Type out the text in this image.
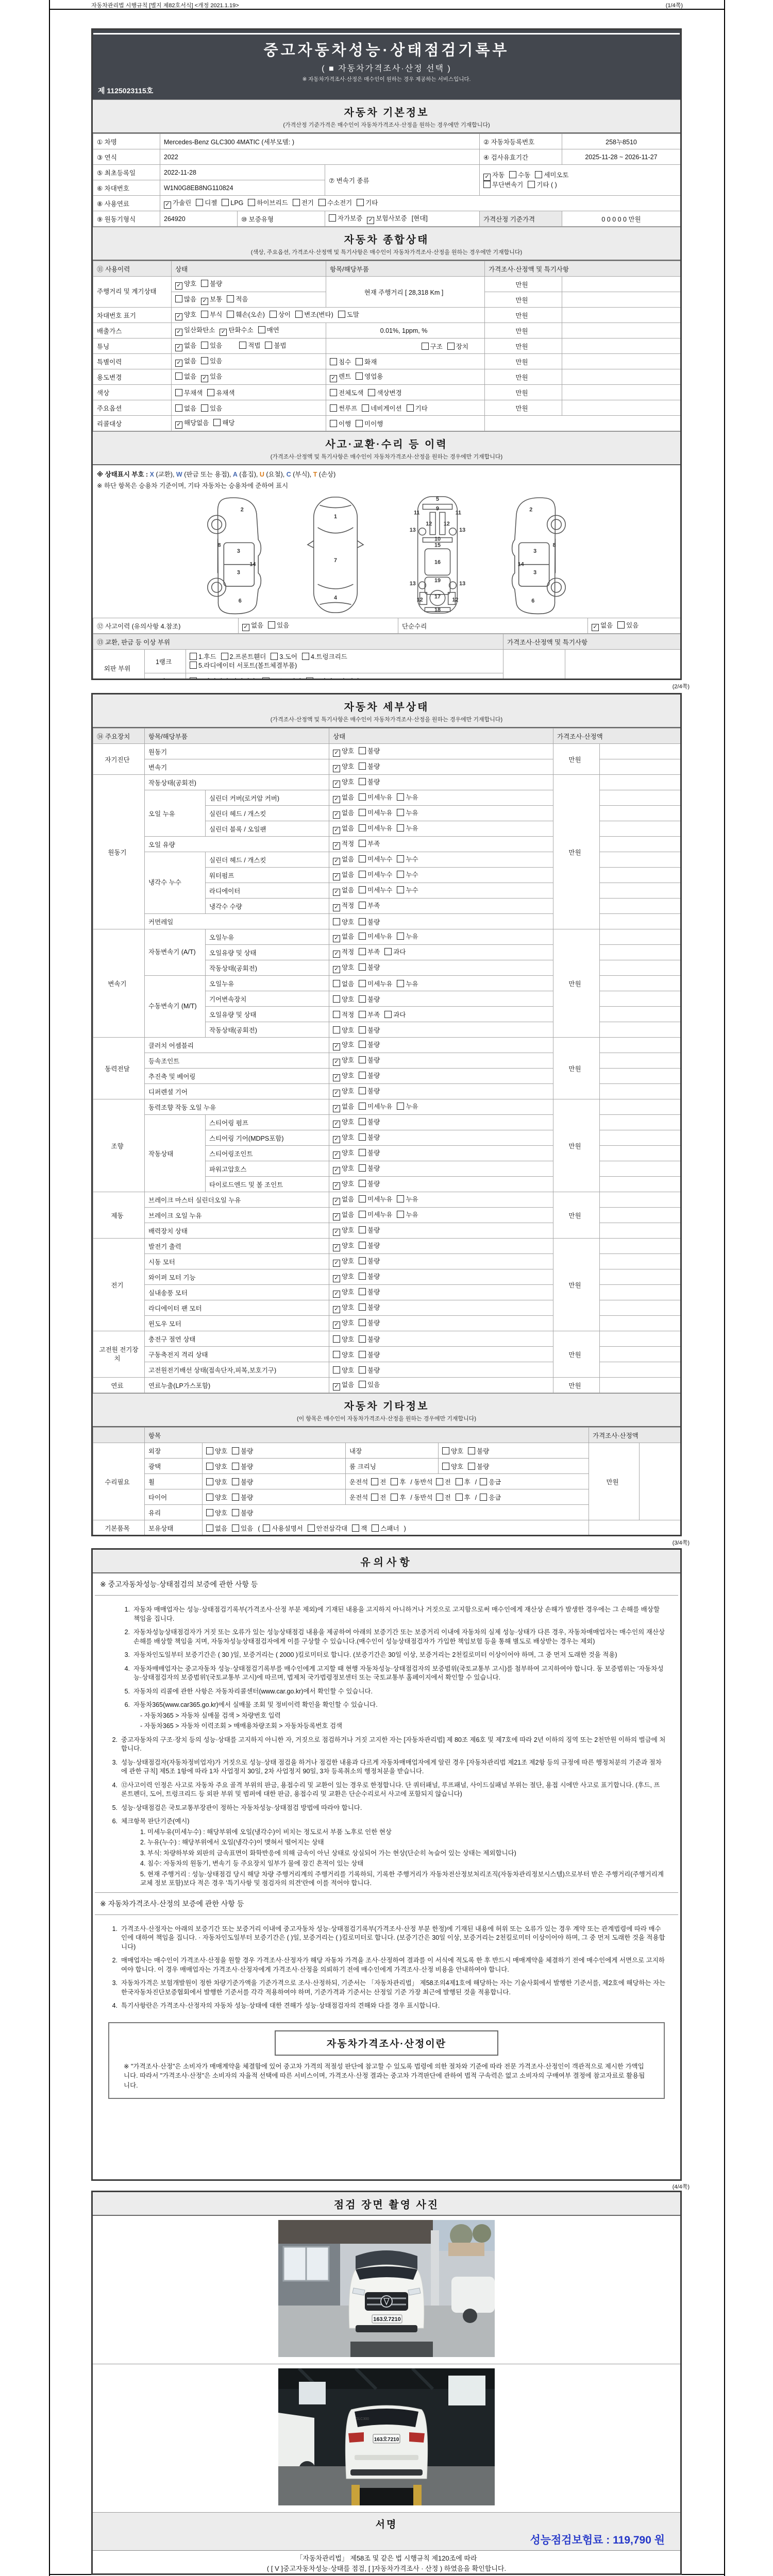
자동차관리법 시행규칙 [별지 제82호서식] <개정 2021.1.19>	(1/4쪽)
중고자동차성능·상태점검기록부
( ■ 자동차가격조사·산정 선택 )
※ 자동차가격조사·산정은 매수인이 원하는 경우 제공하는 서비스입니다.
제 1125023115호
자동차 기본정보
(가격산정 기준가격은 매수인이 자동차가격조사·산정을 원하는 경우에만 기재합니다)
① 차명	Mercedes-Benz GLC300 4MATIC (세부모델: )			② 자동차등록번호	258누8510
③ 연식	2022			④ 검사유효기간	2025-11-28 ~ 2026-11-27
⑤ 최초등록일	2022-11-28		⑦ 변속기 종류	✓ 자동 수동 세미오토
무단변속기 기타 ( )	
⑥ 차대번호	W1N0G8EB8NG110824				
⑧ 사용연료	✓ 가솔린 디젤 LPG 하이브리드 전기 수소전기 기타				
⑨ 원동기형식	264920	⑩ 보증유형	자가보증 ✓ 보험사보증 [현대]	가격산정 기준가격	0 0 0 0 0 만원
자동차 종합상태
(색상, 주요옵션, 가격조사·산정액 및 특기사항은 매수인이 자동차가격조사·산정을 원하는 경우에만 기재합니다)
⑪ 사용이력	상태	항목/해당부품	가격조사·산정액 및 특기사항	
주행거리 및 계기상태	✓ 양호 불량	현재 주행거리 [ 28,318 Km ]	만원	
	많음 ✓ 보통 적음		만원	
차대번호 표기	✓ 양호 부식 훼손(오손) 상이 변조(변타) 도말		만원	
배출가스	✓ 일산화탄소 ✓ 탄화수소 매연	0.01%, 1ppm, %	만원	
튜닝	✓ 없음 있음 적법 불법	구조 장치	만원	
특별이력	✓ 없음 있음	침수 화재	만원	
용도변경	없음 ✓ 있음	✓ 렌트 영업용	만원	
색상	무채색 유채색	전체도색 색상변경	만원	
주요옵션	없음 있음	썬루프 네비게이션 기타	만원	
리콜대상	✓ 해당없음 해당	이행 미이행		
사고·교환·수리 등 이력
(가격조사·산정액 및 특기사항은 매수인이 자동차가격조사·산정을 원하는 경우에만 기재합니다)
※ 상태표시 부호 : X (교환), W (판금 또는 용접), A (흠집), U (요철), C (부식), T (손상)
※ 하단 항목은 승용차 기준이며, 기타 자동차는 승용차에 준하여 표시
2
8
3
14
3
6
1
7
4
5
9
11	11
13	13
12 12
10
15
16
13	13
19
12	12
17
18
2
8
3
14
3
6
⑫ 사고이력 (유의사항 4.참조)	✓ 없음 있음	단순수리	✓ 없음 있음
⑬ 교환, 판금 등 이상 부위			가격조사·산정액 및 특기사항	
외판 부위	1랭크	1.후드 2.프론트휀더 3.도어 4.트렁크리드
5.라디에이터 서포트(볼트체결부품)		

(2/4쪽)
자동차 세부상태
(가격조사·산정액 및 특기사항은 매수인이 자동차가격조사·산정을 원하는 경우에만 기재합니다)
⑭ 주요장치	항목/해당부품		상태	가격조사·산정액	
자기진단	원동기		✓ 양호 불량	만원	
	변속기		✓ 양호 불량		
원동기	작동상태(공회전)		✓ 양호 불량	만원	
	오일 누유	실린더 커버(로커암 커버)	✓ 없음 미세누유 누유		
		실린더 헤드 / 개스킷	✓ 없음 미세누유 누유		
		실린더 블록 / 오일팬	✓ 없음 미세누유 누유		
	오일 유량		✓ 적정 부족		
	냉각수 누수	실린더 헤드 / 개스킷	✓ 없음 미세누수 누수		
		워터펌프	✓ 없음 미세누수 누수		
		라디에이터	✓ 없음 미세누수 누수		
		냉각수 수량	✓ 적정 부족		
	커먼레일		양호 불량		
변속기	자동변속기 (A/T)	오일누유	✓ 없음 미세누유 누유	만원	
		오일유량 및 상태	✓ 적정 부족 과다		
		작동상태(공회전)	✓ 양호 불량		
	수동변속기 (M/T)	오일누유	없음 미세누유 누유		
		기어변속장치	양호 불량		
		오일유량 및 상태	적정 부족 과다		
		작동상태(공회전)	양호 불량		
동력전달	클러치 어셈블리		✓ 양호 불량	만원	
	등속조인트		✓ 양호 불량		
	추진축 및 베어링		✓ 양호 불량		
	디퍼렌셜 기어		✓ 양호 불량		
조향	동력조향 작동 오일 누유		✓ 없음 미세누유 누유	만원	
	작동상태	스티어링 펌프	✓ 양호 불량		
		스티어링 기어(MDPS포함)	✓ 양호 불량		
		스티어링조인트	✓ 양호 불량		
		파워고압호스	✓ 양호 불량		
		타이로드엔드 및 볼 조인트	✓ 양호 불량		
제동	브레이크 마스터 실린더오일 누유		✓ 없음 미세누유 누유	만원	
	브레이크 오일 누유		✓ 없음 미세누유 누유		
	배력장치 상태		✓ 양호 불량		
전기	발전기 출력		✓ 양호 불량	만원	
	시동 모터		✓ 양호 불량		
	와이퍼 모터 기능		✓ 양호 불량		
	실내송풍 모터		✓ 양호 불량		
	라디에이터 팬 모터		✓ 양호 불량		
	윈도우 모터		✓ 양호 불량		
고전원 전기장치	충전구 절연 상태		양호 불량	만원	
	구동축전지 격리 상태		양호 불량		
	고전원전기배선 상태(접속단자,피복,보호기구)		양호 불량		
연료	연료누출(LP가스포함)		✓ 없음 있음	만원	
자동차 기타정보
(이 항목은 매수인이 자동차가격조사·산정을 원하는 경우에만 기재합니다)
	항목				가격조사·산정액	
수리필요	외장	양호 불량	내장	양호 불량	만원	
	광택	양호 불량	룸 크리닝	양호 불량		
	휠	양호 불량	운전석 전 후 / 동반석 전 후 / 응급			
	타이어	양호 불량	운전석 전 후 / 동반석 전 후 / 응급			
	유리	양호 불량				
기본품목	보유상태	없음 있음 ( 사용설명서 안전삼각대 잭 스패너 )				

(3/4쪽)
유의사항
※ 중고자동차성능·상태점검의 보증에 관한 사항 등
1. 자동차 매매업자는 성능·상태점검기록부(가격조사·산정 부분 제외)에 기재된 내용을 고지하지 아니하거나 거짓으로 고지함으로써 매수인에게 재산상 손해가 발생한 경우에는 그 손해를 배상할 책임을 집니다.
2. 자동차성능상태점검자가 거짓 또는 오류가 있는 성능상태점검 내용을 제공하여 아래의 보증기간 또는 보증거리 이내에 자동차의 실제 성능·상태가 다른 경우, 자동차매매업자는 매수인의 재산상 손해를 배상할 책임을 지며, 자동차성능상태점검자에게 이를 구상할 수 있습니다.(매수인이 성능상태점검자가 가입한 책임보험 등을 통해 별도로 배상받는 경우는 제외)
3. 자동차인도일부터 보증기간은 ( 30 )일, 보증거리는 ( 2000 )킬로미터로 합니다. (보증기간은 30일 이상, 보증거리는 2천킬로미터 이상이어야 하며, 그 중 먼저 도래한 것을 적용)
4. 자동차매매업자는 중고자동차 성능·상태점검기록부를 매수인에게 고지할 때 현행 자동차성능·상태점검자의 보증범위(국토교통부 고시)를 첨부하여 고지하여야 합니다. 동 보증범위는 '자동차성능·상태점검자의 보증범위'(국토교통부 고시)에 따르며, 법제처 국가법령정보센터 또는 국토교통부 홈페이지에서 확인할 수 있습니다.
5. 자동차의 리콜에 관한 사항은 자동차리콜센터(www.car.go.kr)에서 확인할 수 있습니다.
6. 자동차365(www.car365.go.kr)에서 실매물 조회 및 정비이력 확인을 확인할 수 있습니다.
- 자동차365 > 자동차 실매물 검색 > 차량번호 입력
- 자동차365 > 자동차 이력조회 > 매매용차량조회 > 자동차등록번호 검색
2. 중고자동차의 구조·장치 등의 성능·상태를 고지하지 아니한 자, 거짓으로 점검하거나 거짓 고지한 자는 [자동차관리법] 제 80조 제6호 및 제7호에 따라 2년 이하의 징역 또는 2천만원 이하의 벌금에 처합니다.
3. 성능·상태점검자(자동차정비업자)가 거짓으로 성능·상태 점검을 하거나 점검한 내용과 다르게 자동차매매업자에게 알린 경우 [자동차관리법 제21조 제2항 등의 규정에 따른 행정처분의 기준과 절차에 관한 규칙] 제5조 1항에 따라 1차 사업정지 30일, 2차 사업정지 90일, 3차 등록취소의 행정처분을 받습니다.
4. ⑫사고이력 인정은 사고로 자동차 주요 골격 부위의 판금, 용접수리 및 교환이 있는 경우로 한정합니다. 단 쿼터패널, 루프패널, 사이드실패널 부위는 절단, 용접 시에만 사고로 표기합니다. (후드, 프론트펜더, 도어, 트렁크리드 등 외판 부위 및 범퍼에 대한 판금, 용접수리 및 교환은 단순수리로서 사고에 포함되지 않습니다)
5. 성능·상태점검은 국토교통부장관이 정하는 자동차성능·상태점검 방법에 따라야 합니다.
6. 체크항목 판단기준(예시)
1. 미세누유(미세누수) : 해당부위에 오일(냉각수)이 비치는 정도로서 부품 노후로 인한 현상
2. 누유(누수) : 해당부위에서 오일(냉각수)이 맺혀서 떨어지는 상태
3. 부식: 차량하부와 외판의 금속표면이 화학반응에 의해 금속이 아닌 상태로 상실되어 가는 현상(단순히 녹슬어 있는 상태는 제외합니다)
4. 침수: 자동차의 원동기, 변속기 등 주요장치 일부가 물에 잠긴 흔적이 있는 상태
5. 현재 주행거리 : 성능·상태점검 당시 해당 차량 주행거리계의 주행거리를 기록하되, 기록한 주행거리가 자동차전산정보처리조직(자동차관리정보시스템)으로부터 받은 주행거리(주행거리계 교체 정보 포함)보다 적은 경우 '특기사항 및 점검자의 의견'란에 이를 적어야 합니다.
※ 자동차가격조사·산정의 보증에 관한 사항 등
1. 가격조사·산정자는 아래의 보증기간 또는 보증거리 이내에 중고자동차 성능·상태점검기록부(가격조사·산정 부분 한정)에 기재된 내용에 허위 또는 오류가 있는 경우 계약 또는 관계법령에 따라 매수인에 대하여 책임을 집니다. · 자동차인도일부터 보증기간은 ( )일, 보증거리는 ( )킬로미터로 합니다. (보증기간은 30일 이상, 보증거리는 2천킬로미터 이상이어야 하며, 그 중 먼저 도래한 것을 적용합니다)
2. 매매업자는 매수인이 가격조사·산정을 원할 경우 가격조사·산정자가 해당 자동차 가격을 조사·산정하여 결과를 이 서식에 적도록 한 후 반드시 매매계약을 체결하기 전에 매수인에게 서면으로 고지하여야 합니다. 이 경우 매매업자는 가격조사·산정자에게 가격조사·산정을 의뢰하기 전에 매수인에게 가격조사·산정 비용을 안내하여야 합니다.
3. 자동차가격은 보험개발원이 정한 차량기준가액을 기준가격으로 조사·산정하되, 기준서는 「자동차관리법」 제58조의4제1호에 해당하는 자는 기술사회에서 발행한 기준서를, 제2호에 해당하는 자는 한국자동차진단보증협회에서 발행한 기준서를 각각 적용하여야 하며, 기준가격과 기준서는 산정일 기준 가장 최근에 발행된 것을 적용합니다.
4. 특기사항란은 가격조사·산정자의 자동차 성능·상태에 대한 견해가 성능·상태점검자의 견해와 다를 경우 표시합니다.
자동차가격조사·산정이란
※ "가격조사·산정"은 소비자가 매매계약을 체결함에 있어 중고차 가격의 적절성 판단에 참고할 수 있도록 법령에 의한 절차와 기준에 따라 전문 가격조사·산정인이 객관적으로 제시한 가액입니다. 따라서 "가격조사·산정"은 소비자의 자율적 선택에 따른 서비스이며, 가격조사·산정 결과는 중고차 가격판단에 관하여 법적 구속력은 없고 소비자의 구매여부 결정에 참고자료로 활용됩니다.
(4/4쪽)
점검 장면 촬영 사진
163오7210
163오7210
GLC300
서명
성능점검보험료 : 119,790 원
「자동차관리법」 제58조 및 같은 법 시행규칙 제120조에 따라
( [ V ]중고자동차성능·상태를 점검, [ ]자동차가격조사 · 산정 ) 하였음을 확인합니다.
